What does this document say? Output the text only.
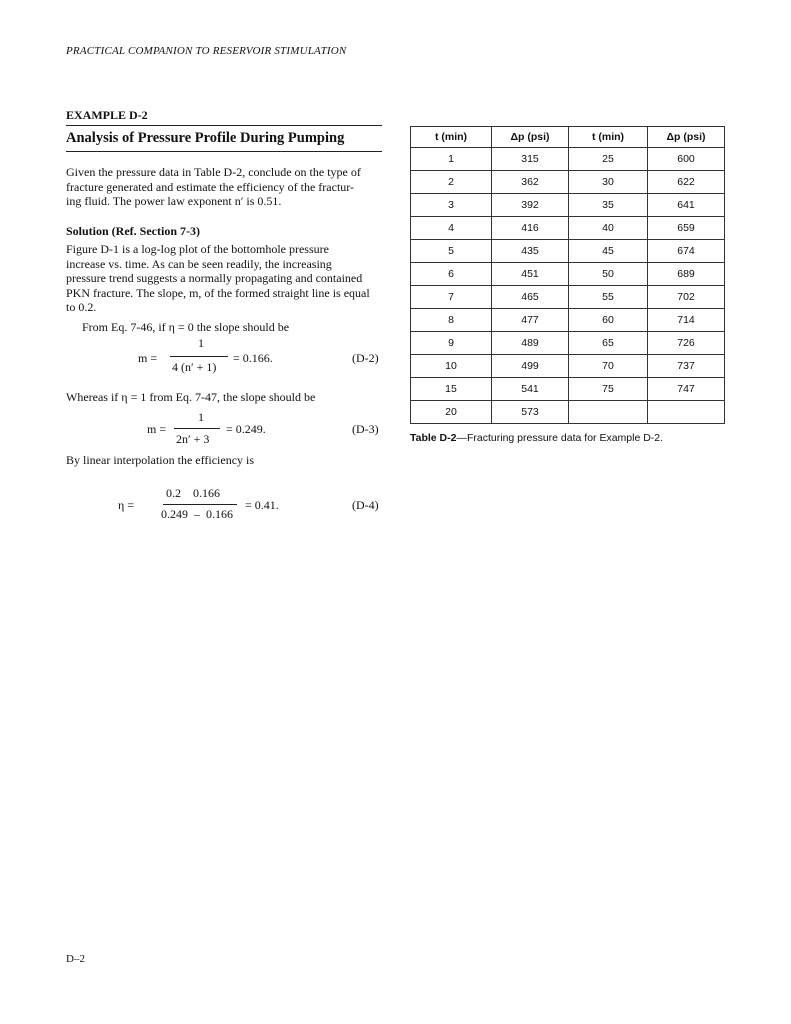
PRACTICAL COMPANION TO RESERVOIR STIMULATION
EXAMPLE D-2
Analysis of Pressure Profile During Pumping
Given the pressure data in Table D-2, conclude on the type of
fracture generated and estimate the efficiency of the fractur-
ing fluid. The power law exponent n′ is 0.51.
Solution (Ref. Section 7-3)
Figure D-1 is a log-log plot of the bottomhole pressure
increase vs. time. As can be seen readily, the increasing
pressure trend suggests a normally propagating and contained
PKN fracture. The slope, m, of the formed straight line is equal
to 0.2.
From Eq. 7-46, if η = 0 the slope should be
m =
1
4 (n′ + 1)
= 0.166.	(D-2)
Whereas if η = 1 from Eq. 7-47, the slope should be
m =
1
2n′ + 3
= 0.249.	(D-3)
By linear interpolation the efficiency is
η =
0.2    0.166
0.249  –  0.166
= 0.41.	(D-4)
t (min)	Δp (psi)	t (min)	Δp (psi)
1	315	25	600
2	362	30	622
3	392	35	641
4	416	40	659
5	435	45	674
6	451	50	689
7	465	55	702
8	477	60	714
9	489	65	726
10	499	70	737
15	541	75	747
20	573		
Table D-2—Fracturing pressure data for Example D-2.
D–2
